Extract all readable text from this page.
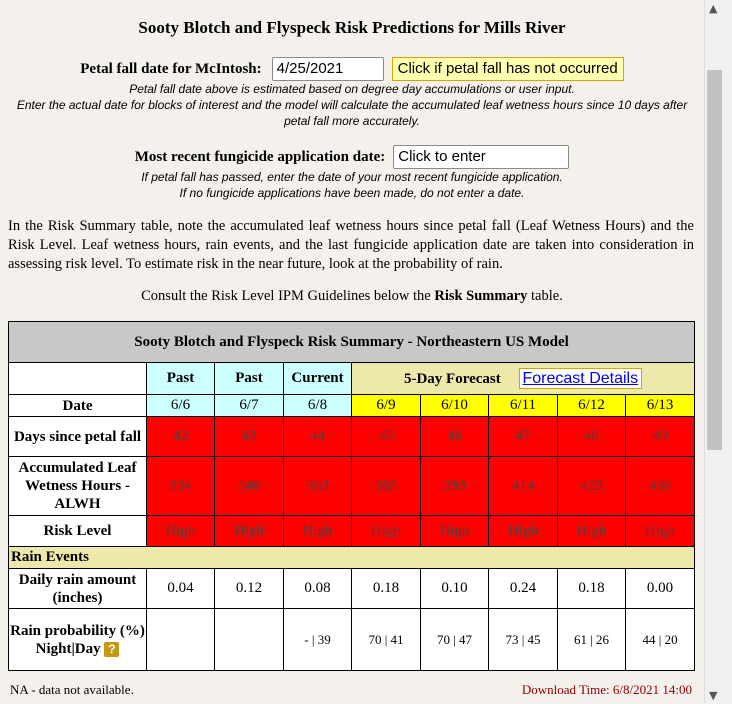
Sooty Blotch and Flyspeck Risk Predictions for Mills River
Petal fall date for McIntosh: 4/25/2021	Click if petal fall has not occurred
Petal fall date above is estimated based on degree day accumulations or user input.
Enter the actual date for blocks of interest and the model will calculate the accumulated leaf wetness hours since 10 days after petal fall more accurately.
Most recent fungicide application date: Click to enter
If petal fall has passed, enter the date of your most recent fungicide application.
If no fungicide applications have been made, do not enter a date.
In the Risk Summary table, note the accumulated leaf wetness hours since petal fall (Leaf Wetness Hours) and the Risk Level. Leaf wetness hours, rain events, and the last fungicide application date are taken into consideration in assessing risk level. To estimate risk in the near future, look at the probability of rain.
Consult the Risk Level IPM Guidelines below the Risk Summary table.
Sooty Blotch and Flyspeck Risk Summary - Northeastern US Model								
	Past	Past	Current	5-Day Forecast Forecast Details				
Date	6/6	6/7	6/8	6/9	6/10	6/11	6/12	6/13
Days since petal fall	42	43	44	45	46	47	48	49
Accumulated Leaf Wetness Hours - ALWH	334	346	363	385	399	414	425	436
Risk Level	High	High	High	High	High	High	High	High
Rain Events								
Daily rain amount (inches)	0.04	0.12	0.08	0.18	0.10	0.24	0.18	0.00

Rain probability (%)
Night|Day ?			- | 39	70 | 41	70 | 47	73 | 45	61 | 26	44 | 20
NA - data not available.	Download Time: 6/8/2021 14:00
▲
▼
